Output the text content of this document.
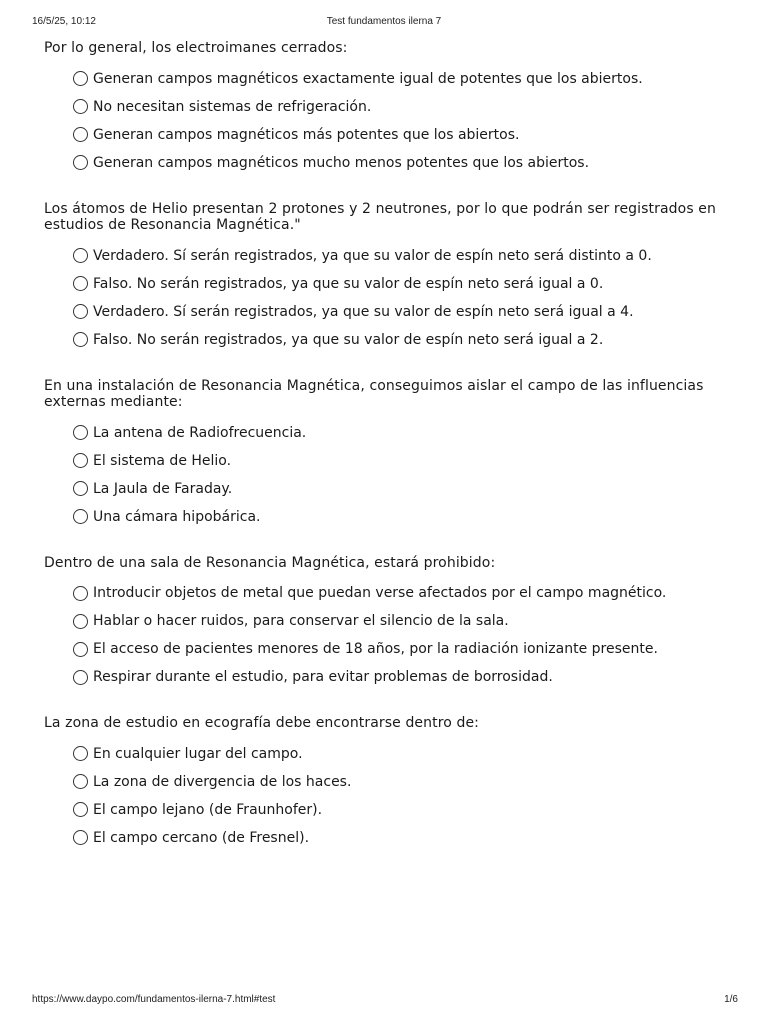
16/5/25, 10:12	Test fundamentos ilerna 7

Por lo general, los electroimanes cerrados:

Generan campos magnéticos exactamente igual de potentes que los abiertos.
No necesitan sistemas de refrigeración.
Generan campos magnéticos más potentes que los abiertos.
Generan campos magnéticos mucho menos potentes que los abiertos.

Los átomos de Helio presentan 2 protones y 2 neutrones, por lo que podrán ser registrados en estudios de Resonancia Magnética."

Verdadero. Sí serán registrados, ya que su valor de espín neto será distinto a 0.
Falso. No serán registrados, ya que su valor de espín neto será igual a 0.
Verdadero. Sí serán registrados, ya que su valor de espín neto será igual a 4.
Falso. No serán registrados, ya que su valor de espín neto será igual a 2.

En una instalación de Resonancia Magnética, conseguimos aislar el campo de las influencias externas mediante:

La antena de Radiofrecuencia.
El sistema de Helio.
La Jaula de Faraday.
Una cámara hipobárica.

Dentro de una sala de Resonancia Magnética, estará prohibido:

Introducir objetos de metal que puedan verse afectados por el campo magnético.
Hablar o hacer ruidos, para conservar el silencio de la sala.
El acceso de pacientes menores de 18 años, por la radiación ionizante presente.
Respirar durante el estudio, para evitar problemas de borrosidad.

La zona de estudio en ecografía debe encontrarse dentro de:

En cualquier lugar del campo.
La zona de divergencia de los haces.
El campo lejano (de Fraunhofer).
El campo cercano (de Fresnel).
https://www.daypo.com/fundamentos-ilerna-7.html#test	1/6
